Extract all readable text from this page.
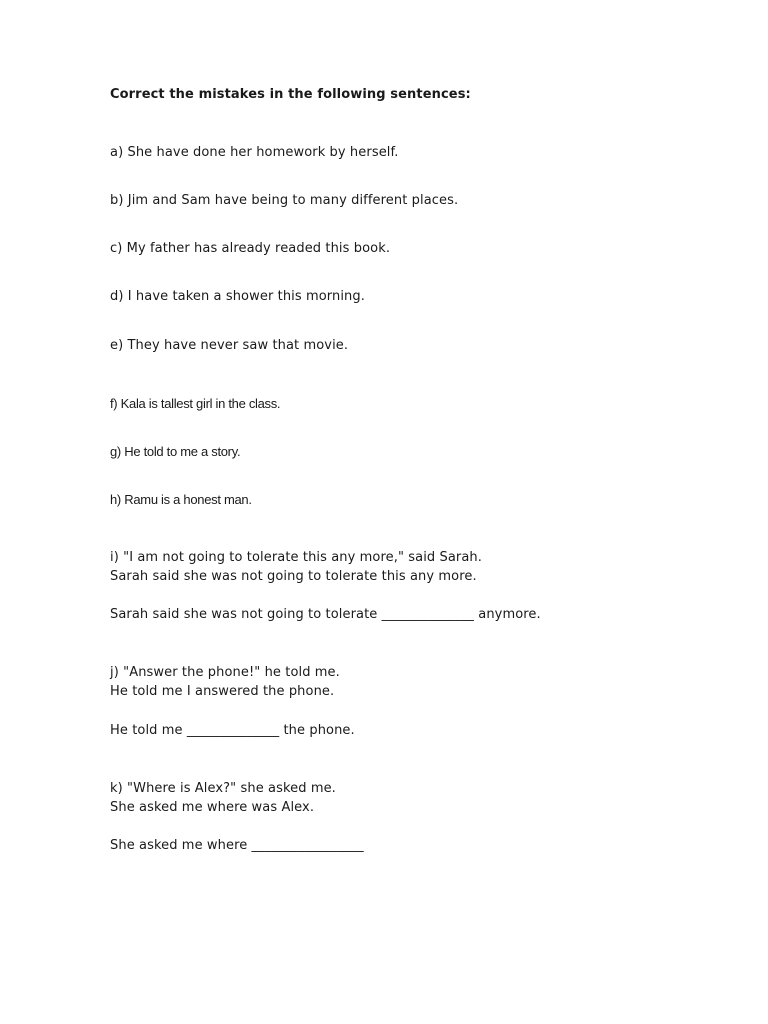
Correct the mistakes in the following sentences:
a) She have done her homework by herself.
b) Jim and Sam have being to many different places.
c) My father has already readed this book.
d) I have taken a shower this morning.
e) They have never saw that movie.
f) Kala is tallest girl in the class.
g) He told to me a story.
h) Ramu is a honest man.
i) "I am not going to tolerate this any more," said Sarah.
Sarah said she was not going to tolerate this any more.
Sarah said she was not going to tolerate ______________ anymore.
j) "Answer the phone!" he told me.
He told me I answered the phone.
He told me ______________ the phone.
k) "Where is Alex?" she asked me.
She asked me where was Alex.
She asked me where _________________
